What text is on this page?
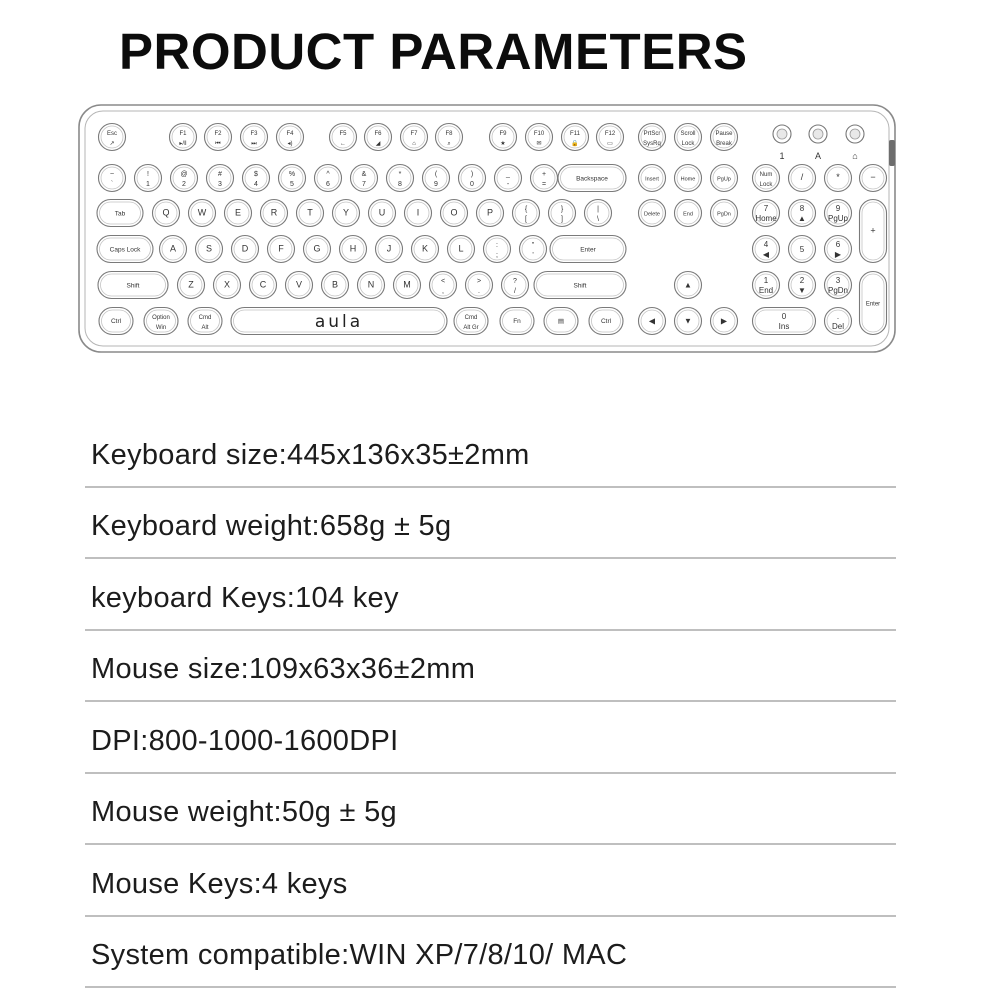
PRODUCT PARAMETERS
Esc
↗
F1
▸/‖
F2
⏮
F3
⏭
F4
◂)
F5
←
F6
◢
F7
⌂
F8
⌕
F9
★
F10
✉
F11
🔒
F12
▭
PrtScr
SysRq
Scroll
Lock
Pause
Break
1	A	⌂
~
`
!
1
@
2
#
3
$
4
%
5
^
6
&
7
*
8
(
9
)
0
_
-
+
=
Backspace
Tab	Q	W	E	R	T	Y	U	I	O	P	{
[
}
]
|
\
Caps Lock	A	S	D	F	G	H	J	K	L	:
;
"
'
Enter
Shift	Z	X	C	V	B	N	M	<
,
>
.
?
/
Shift
Ctrl
Option
Win
Cmd
Alt
Cmd
Alt Gr
Fn	▤	Ctrl
aula
Insert	Home	PgUp
Delete	End	PgDn
▲
◀	▼	▶
Num
Lock
/	*	−
7
Home
8
▲
9
PgUp
+
4
◀
5
6
▶
1
End
2
▼
3
PgDn
Enter
0
Ins
.
Del
Keyboard size:445x136x35±2mm
Keyboard weight:658g ± 5g
keyboard Keys:104 key
Mouse size:109x63x36±2mm
DPI:800-1000-1600DPI
Mouse weight:50g ± 5g
Mouse Keys:4 keys
System compatible:WIN XP/7/8/10/ MAC
